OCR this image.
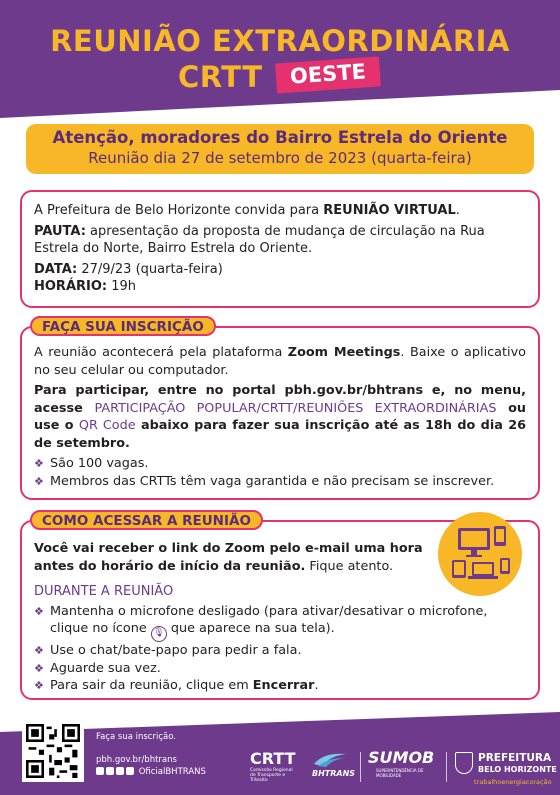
REUNIÃO EXTRAORDINÁRIA
CRTT	OESTE
Atenção, moradores do Bairro Estrela do Oriente
Reunião dia 27 de setembro de 2023 (quarta-feira)

A Prefeitura de Belo Horizonte convida para REUNIÃO VIRTUAL.

PAUTA: apresentação da proposta de mudança de circulação na Rua Estrela do Norte, Bairro Estrela do Oriente.

DATA: 27/9/23 (quarta-feira)

HORÁRIO: 19h

FAÇA SUA INSCRIÇÃO

A reunião acontecerá pela plataforma Zoom Meetings. Baixe o aplicativo no seu celular ou computador.

Para participar, entre no portal pbh.gov.br/bhtrans e, no menu, acesse PARTICIPAÇÃO POPULAR/CRTT/REUNIÕES EXTRAORDINÁRIAS ou use o QR Code abaixo para fazer sua inscrição até as 18h do dia 26 de setembro.

❖ São 100 vagas.
❖ Membros das CRTTs têm vaga garantida e não precisam se inscrever.
COMO ACESSAR A REUNIÃO

Você vai receber o link do Zoom pelo e-mail uma hora antes do horário de início da reunião. Fique atento.

DURANTE A REUNIÃO
❖ Mantenha o microfone desligado (para ativar/desativar o microfone, clique no ícone 🎙 que aparece na sua tela).
❖ Use o chat/bate-papo para pedir a fala.
❖ Aguarde sua vez.
❖ Para sair da reunião, clique em Encerrar.
Faça sua inscrição.
pbh.gov.br/bhtrans
OficialBHTRANS
CRTT
Comissão Regional de Transporte e Trânsito
BHTRANS
SUMOB
SUPERINTENDÊNCIA DE MOBILIDADE
PREFEITURA
BELO HORIZONTE
trabalhoenergiacoração
